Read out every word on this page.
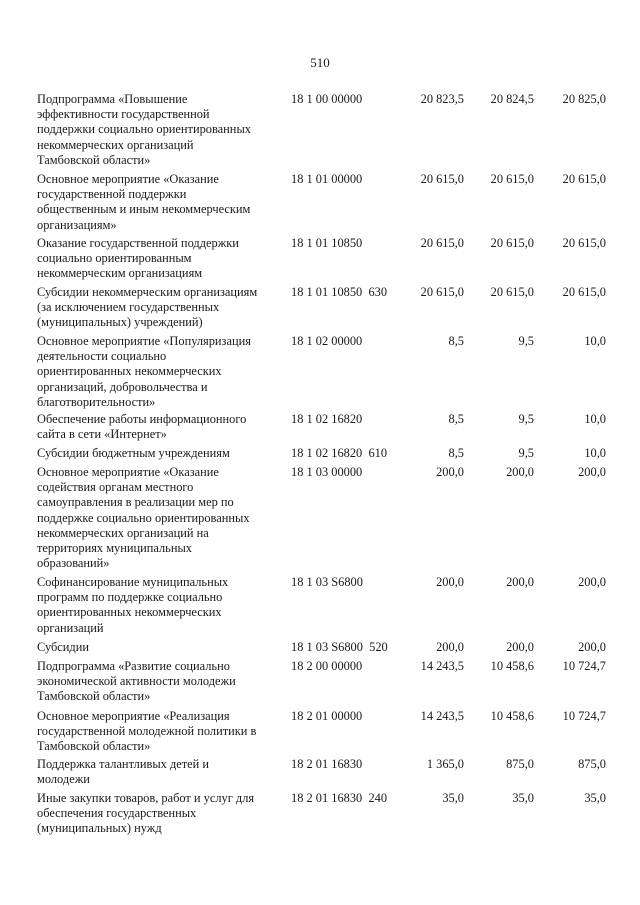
510
Подпрограмма «Повышение
эффективности государственной
поддержки социально ориентированных
некоммерческих организаций
Тамбовской области»
18 1 00 00000	20 823,5	20 824,5	20 825,0
Основное мероприятие «Оказание
государственной поддержки
общественным и иным некоммерческим
организациям»
18 1 01 00000	20 615,0	20 615,0	20 615,0
Оказание государственной поддержки
социально ориентированным
некоммерческим организациям
18 1 01 10850	20 615,0	20 615,0	20 615,0
Субсидии некоммерческим организациям
(за исключением государственных
(муниципальных) учреждений)
18 1 01 10850  630	20 615,0	20 615,0	20 615,0
Основное мероприятие «Популяризация
деятельности социально
ориентированных некоммерческих
организаций, добровольчества и
благотворительности»
18 1 02 00000	8,5	9,5	10,0
Обеспечение работы информационного
сайта в сети «Интернет»
18 1 02 16820	8,5	9,5	10,0
Субсидии бюджетным учреждениям	18 1 02 16820  610	8,5	9,5	10,0
Основное мероприятие «Оказание
содействия органам местного
самоуправления в реализации мер по
поддержке социально ориентированных
некоммерческих организаций на
территориях муниципальных
образований»
18 1 03 00000	200,0	200,0	200,0
Софинансирование муниципальных
программ по поддержке социально
ориентированных некоммерческих
организаций
18 1 03 S6800	200,0	200,0	200,0
Субсидии	18 1 03 S6800  520	200,0	200,0	200,0
Подпрограмма «Развитие социально
экономической активности молодежи
Тамбовской области»
18 2 00 00000	14 243,5	10 458,6	10 724,7
Основное мероприятие «Реализация
государственной молодежной политики в
Тамбовской области»
18 2 01 00000	14 243,5	10 458,6	10 724,7
Поддержка талантливых детей и
молодежи
18 2 01 16830	1 365,0	875,0	875,0
Иные закупки товаров, работ и услуг для
обеспечения государственных
(муниципальных) нужд
18 2 01 16830  240	35,0	35,0	35,0
